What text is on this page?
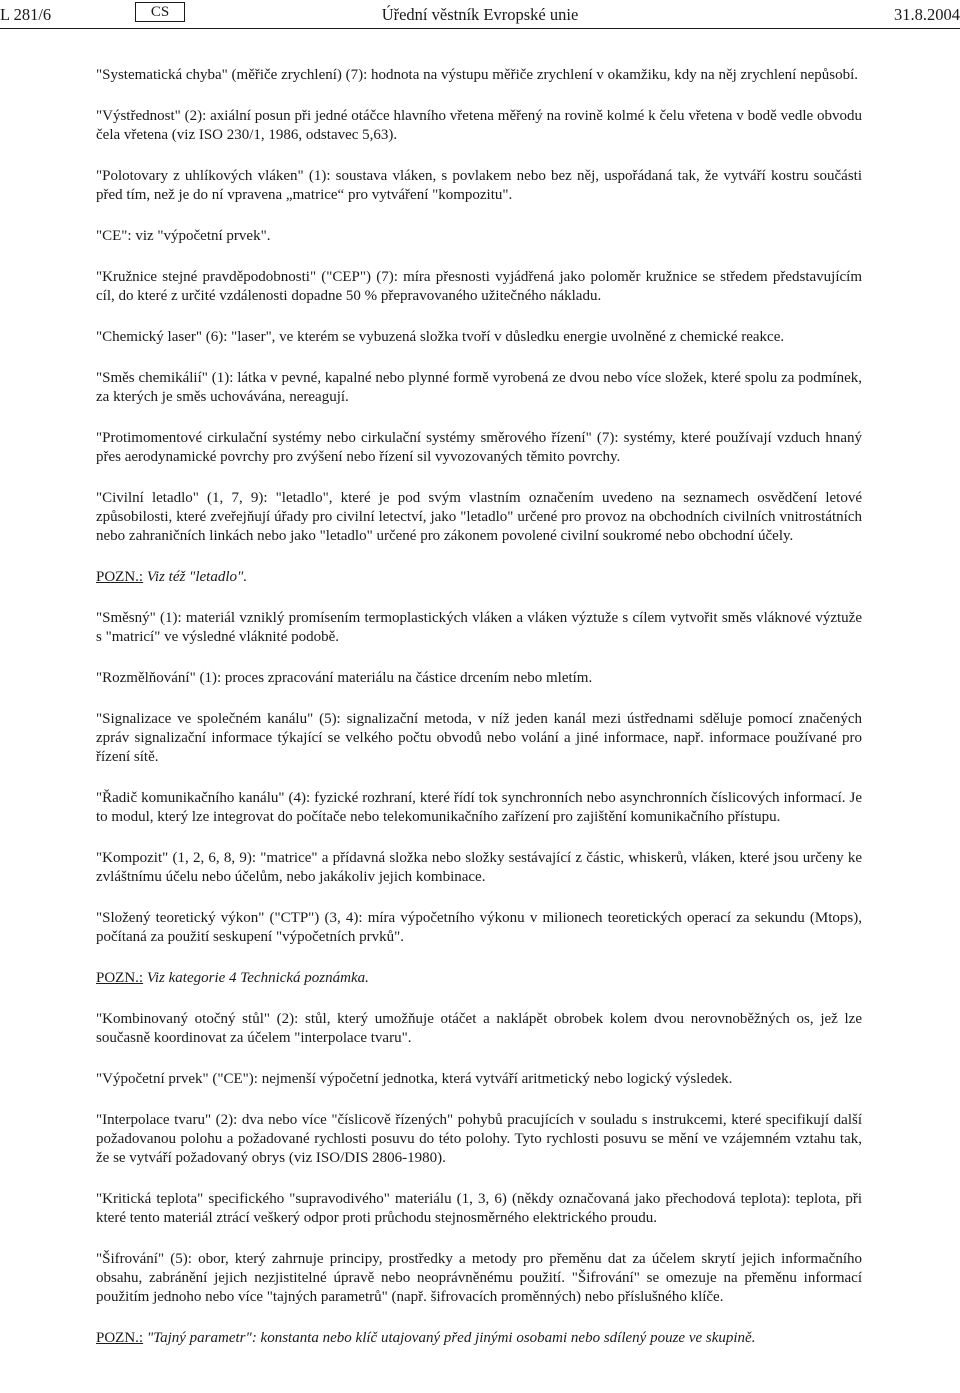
L 281/6	CS	Úřední věstník Evropské unie	31.8.2004

"Systematická chyba" (měřiče zrychlení) (7): hodnota na výstupu měřiče zrychlení v okamžiku, kdy na něj zrychlení nepůsobí.

"Výstřednost" (2): axiální posun při jedné otáčce hlavního vřetena měřený na rovině kolmé k čelu vřetena v bodě vedle obvodu čela vřetena (viz ISO 230/1, 1986, odstavec 5,63).

"Polotovary z uhlíkových vláken" (1): soustava vláken, s povlakem nebo bez něj, uspořádaná tak, že vytváří kostru součásti před tím, než je do ní vpravena „matrice“ pro vytváření "kompozitu".

"CE": viz "výpočetní prvek".

"Kružnice stejné pravděpodobnosti" ("CEP") (7): míra přesnosti vyjádřená jako poloměr kružnice se středem představujícím cíl, do které z určité vzdálenosti dopadne 50 % přepravovaného užitečného nákladu.

"Chemický laser" (6): "laser", ve kterém se vybuzená složka tvoří v důsledku energie uvolněné z chemické reakce.

"Směs chemikálií" (1): látka v pevné, kapalné nebo plynné formě vyrobená ze dvou nebo více složek, které spolu za podmínek, za kterých je směs uchovávána, nereagují.

"Protimomentové cirkulační systémy nebo cirkulační systémy směrového řízení" (7): systémy, které používají vzduch hnaný přes aerodynamické povrchy pro zvýšení nebo řízení sil vyvozovaných těmito povrchy.

"Civilní letadlo" (1, 7, 9): "letadlo", které je pod svým vlastním označením uvedeno na seznamech osvědčení letové způsobilosti, které zveřejňují úřady pro civilní letectví, jako "letadlo" určené pro provoz na obchodních civilních vnitrostátních nebo zahraničních linkách nebo jako "letadlo" určené pro zákonem povolené civilní soukromé nebo obchodní účely.

POZN.: Viz též "letadlo".

"Směsný" (1): materiál vzniklý promísením termoplastických vláken a vláken výztuže s cílem vytvořit směs vláknové výztuže s "matricí" ve výsledné vláknité podobě.

"Rozmělňování" (1): proces zpracování materiálu na částice drcením nebo mletím.

"Signalizace ve společném kanálu" (5): signalizační metoda, v níž jeden kanál mezi ústřednami sděluje pomocí značených zpráv signalizační informace týkající se velkého počtu obvodů nebo volání a jiné informace, např. informace používané pro řízení sítě.

"Řadič komunikačního kanálu" (4): fyzické rozhraní, které řídí tok synchronních nebo asynchronních číslicových informací. Je to modul, který lze integrovat do počítače nebo telekomunikačního zařízení pro zajištění komunikačního přístupu.

"Kompozit" (1, 2, 6, 8, 9): "matrice" a přídavná složka nebo složky sestávající z částic, whiskerů, vláken, které jsou určeny ke zvláštnímu účelu nebo účelům, nebo jakákoliv jejich kombinace.

"Složený teoretický výkon" ("CTP") (3, 4): míra výpočetního výkonu v milionech teoretických operací za sekundu (Mtops), počítaná za použití seskupení "výpočetních prvků".

POZN.: Viz kategorie 4 Technická poznámka.

"Kombinovaný otočný stůl" (2): stůl, který umožňuje otáčet a naklápět obrobek kolem dvou nerovnoběžných os, jež lze současně koordinovat za účelem "interpolace tvaru".

"Výpočetní prvek" ("CE"): nejmenší výpočetní jednotka, která vytváří aritmetický nebo logický výsledek.

"Interpolace tvaru" (2): dva nebo více "číslicově řízených" pohybů pracujících v souladu s instrukcemi, které specifikují další požadovanou polohu a požadované rychlosti posuvu do této polohy. Tyto rychlosti posuvu se mění ve vzájemném vztahu tak, že se vytváří požadovaný obrys (viz ISO/DIS 2806-1980).

"Kritická teplota" specifického "supravodivého" materiálu (1, 3, 6) (někdy označovaná jako přechodová teplota): teplota, při které tento materiál ztrácí veškerý odpor proti průchodu stejnosměrného elektrického proudu.

"Šifrování" (5): obor, který zahrnuje principy, prostředky a metody pro přeměnu dat za účelem skrytí jejich informačního obsahu, zabránění jejich nezjistitelné úpravě nebo neoprávněnému použití. "Šifrování" se omezuje na přeměnu informací použitím jednoho nebo více "tajných parametrů" (např. šifrovacích proměnných) nebo příslušného klíče.

POZN.: "Tajný parametr": konstanta nebo klíč utajovaný před jinými osobami nebo sdílený pouze ve skupině.
